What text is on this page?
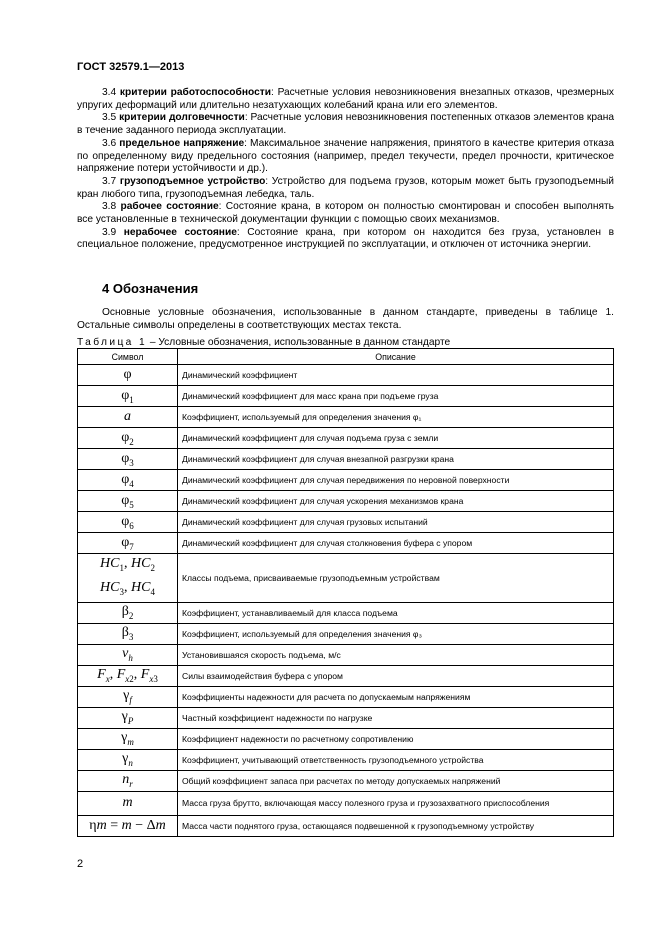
ГОСТ 32579.1—2013

3.4 критерии работоспособности: Расчетные условия невозникновения внезапных отказов, чрезмерных упругих деформаций или длительно незатухающих колебаний крана или его элементов.

3.5 критерии долговечности: Расчетные условия невозникновения постепенных отказов элементов крана в течение заданного периода эксплуатации.

3.6 предельное напряжение: Максимальное значение напряжения, принятого в качестве критерия отказа по определенному виду предельного состояния (например, предел текучести, предел прочности, критическое напряжение потери устойчивости и др.).

3.7 грузоподъемное устройство: Устройство для подъема грузов, которым может быть грузоподъемный кран любого типа, грузоподъемная лебедка, таль.

3.8 рабочее состояние: Состояние крана, в котором он полностью смонтирован и способен выполнять все установленные в технической документации функции с помощью своих механизмов.

3.9 нерабочее состояние: Состояние крана, при котором он находится без груза, установлен в специальное положение, предусмотренное инструкцией по эксплуатации, и отключен от источника энергии.

4 Обозначения

Основные условные обозначения, использованные в данном стандарте, приведены в таблице 1. Остальные символы определены в соответствующих местах текста.

Таблица 1 – Условные обозначения, использованные в данном стандарте
Символ	Описание
φ	Динамический коэффициент
$\varphi_1$	Динамический коэффициент для масс крана при подъеме груза
a	Коэффициент, используемый для определения значения φ₁
$\varphi_2$	Динамический коэффициент для случая подъема груза с земли
$\varphi_3$	Динамический коэффициент для случая внезапной разгрузки крана
$\varphi_4$	Динамический коэффициент для случая передвижения по неровной поверхности
$\varphi_5$	Динамический коэффициент для случая ускорения механизмов крана
$\varphi_6$	Динамический коэффициент для случая грузовых испытаний
$\varphi_7$	Динамический коэффициент для случая столкновения буфера с упором
$HC_1$, $HC_2$
$HC_3$, $HC_4$	Классы подъема, присваиваемые грузоподъемным устройствам
$\beta_2$	Коэффициент, устанавливаемый для класса подъема
$\beta_3$	Коэффициент, используемый для определения значения φ₃
$v_h$	Установившаяся скорость подъема, м/с
$F_x$, $F_{x2}$, $F_{x3}$	Силы взаимодействия буфера с упором
$\gamma_f$	Коэффициенты надежности для расчета по допускаемым напряжениям
$\gamma_P$	Частный коэффициент надежности по нагрузке
$\gamma_m$	Коэффициент надежности по расчетному сопротивлению
$\gamma_n$	Коэффициент, учитывающий ответственность грузоподъемного устройства
$n_r$	Общий коэффициент запаса при расчетах по методу допускаемых напряжений
m	Масса груза брутто, включающая массу полезного груза и грузозахватного приспособления
ηm = m − Δm	Масса части поднятого груза, остающаяся подвешенной к грузоподъемному устройству
2
